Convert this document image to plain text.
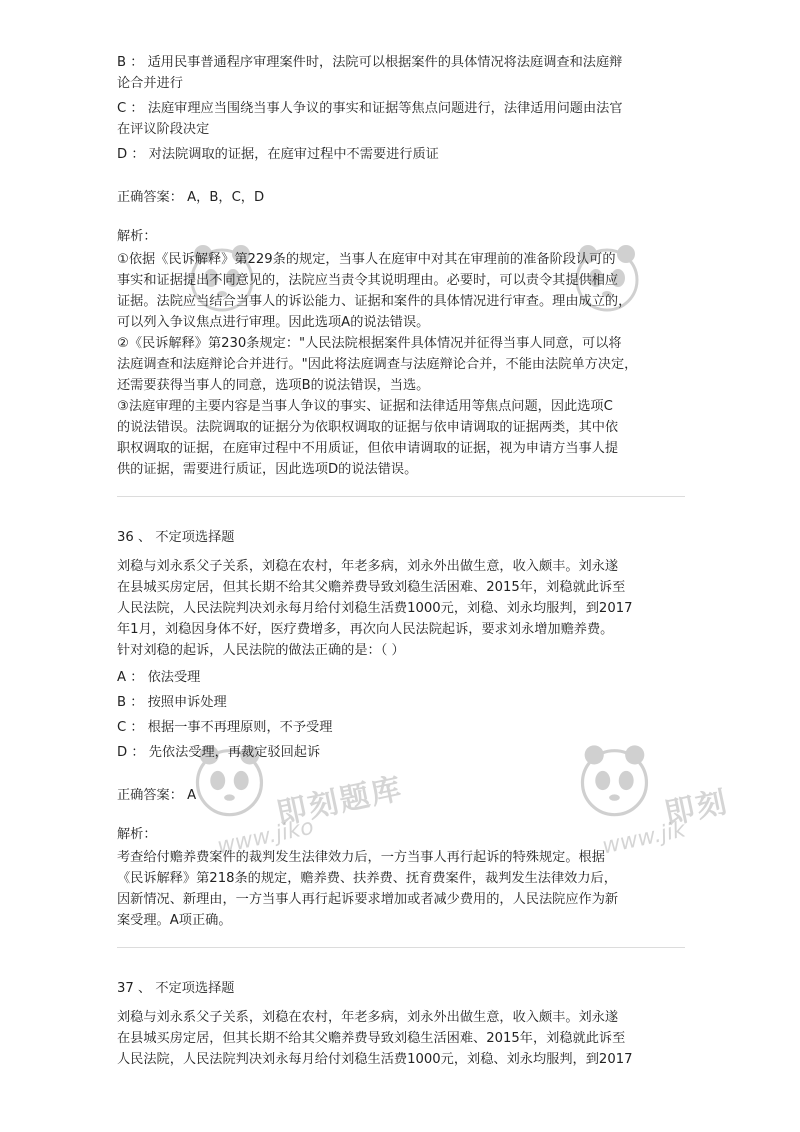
即刻题库
www.jiko
即刻
www.jik
B ： 适用民事普通程序审理案件时，法院可以根据案件的具体情况将法庭调查和法庭辩
论合并进行
C ： 法庭审理应当围绕当事人争议的事实和证据等焦点问题进行，法律适用问题由法官
在评议阶段决定
D ： 对法院调取的证据，在庭审过程中不需要进行质证
正确答案： A，B，C，D
解析：
①依据《民诉解释》第229条的规定，当事人在庭审中对其在审理前的准备阶段认可的
事实和证据提出不同意见的，法院应当责令其说明理由。必要时，可以责令其提供相应
证据。法院应当结合当事人的诉讼能力、证据和案件的具体情况进行审查。理由成立的，
可以列入争议焦点进行审理。因此选项A的说法错误。
②《民诉解释》第230条规定："人民法院根据案件具体情况并征得当事人同意，可以将
法庭调查和法庭辩论合并进行。"因此将法庭调查与法庭辩论合并，不能由法院单方决定，
还需要获得当事人的同意，选项B的说法错误，当选。
③法庭审理的主要内容是当事人争议的事实、证据和法律适用等焦点问题，因此选项C
的说法错误。法院调取的证据分为依职权调取的证据与依申请调取的证据两类，其中依
职权调取的证据，在庭审过程中不用质证，但依申请调取的证据，视为申请方当事人提
供的证据，需要进行质证，因此选项D的说法错误。
36 、 不定项选择题
刘稳与刘永系父子关系，刘稳在农村，年老多病，刘永外出做生意，收入颇丰。刘永遂
在县城买房定居，但其长期不给其父赡养费导致刘稳生活困难、2015年，刘稳就此诉至
人民法院，人民法院判决刘永每月给付刘稳生活费1000元，刘稳、刘永均服判，到2017
年1月，刘稳因身体不好，医疗费增多，再次向人民法院起诉，要求刘永增加赡养费。
针对刘稳的起诉，人民法院的做法正确的是：（ ）
A ： 依法受理
B ： 按照申诉处理
C ： 根据一事不再理原则，不予受理
D ： 先依法受理，再裁定驳回起诉
正确答案： A
解析：
考查给付赡养费案件的裁判发生法律效力后，一方当事人再行起诉的特殊规定。根据
《民诉解释》第218条的规定，赡养费、扶养费、抚育费案件，裁判发生法律效力后，
因新情况、新理由，一方当事人再行起诉要求增加或者减少费用的，人民法院应作为新
案受理。A项正确。
37 、 不定项选择题
刘稳与刘永系父子关系，刘稳在农村，年老多病，刘永外出做生意，收入颇丰。刘永遂
在县城买房定居，但其长期不给其父赡养费导致刘稳生活困难、2015年，刘稳就此诉至
人民法院，人民法院判决刘永每月给付刘稳生活费1000元，刘稳、刘永均服判，到2017
